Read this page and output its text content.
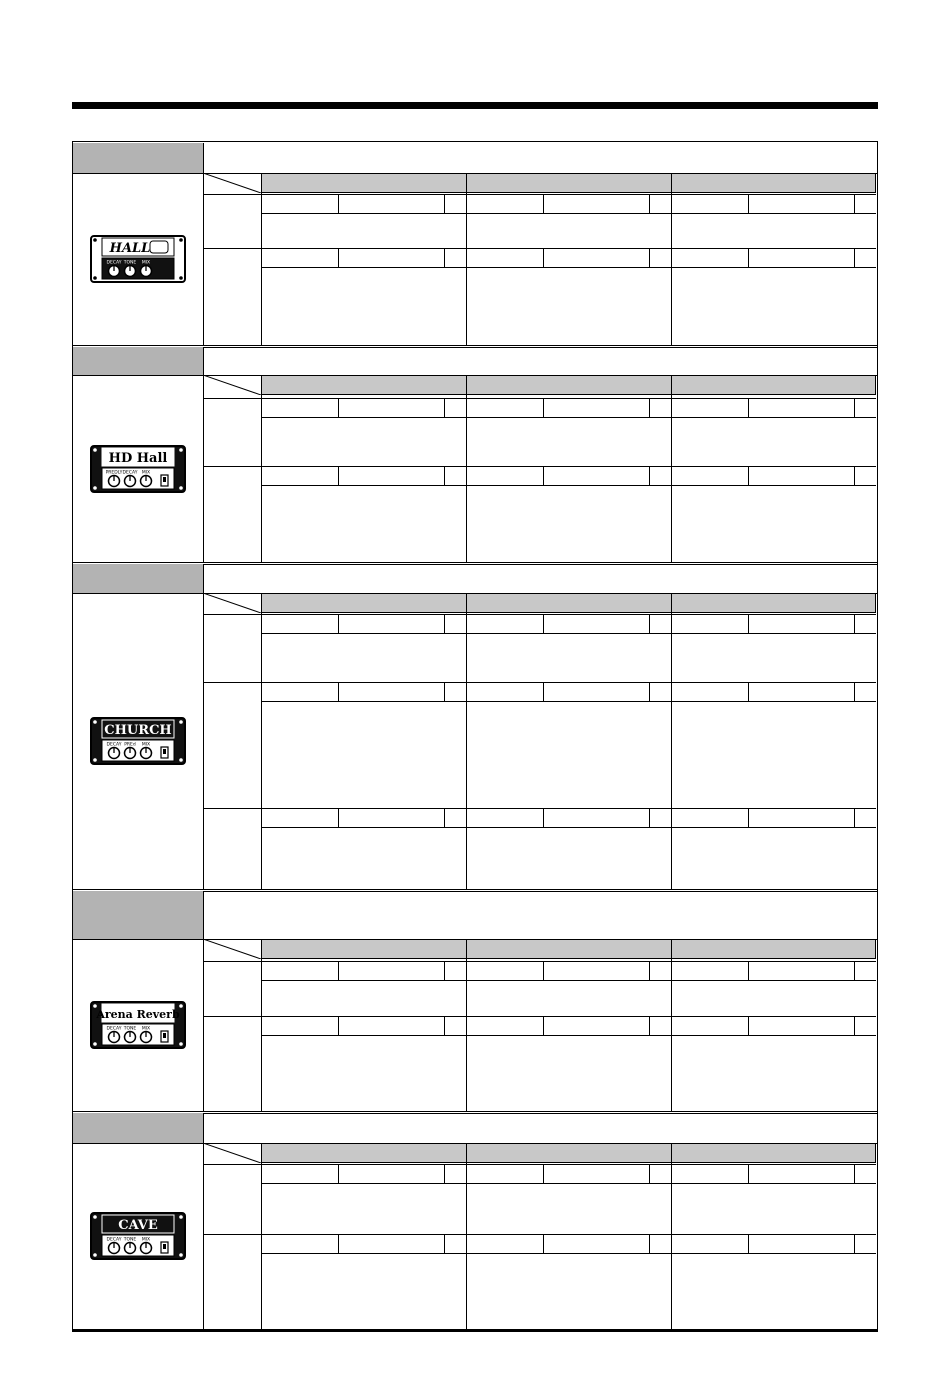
HALL
DECAY TONE MIX
HD Hall
PREDLY DECAY MIX
CHURCH
DECAY PREd MIX
Arena Reverb
DECAY TONE MIX
CAVE
DECAY TONE MIX
